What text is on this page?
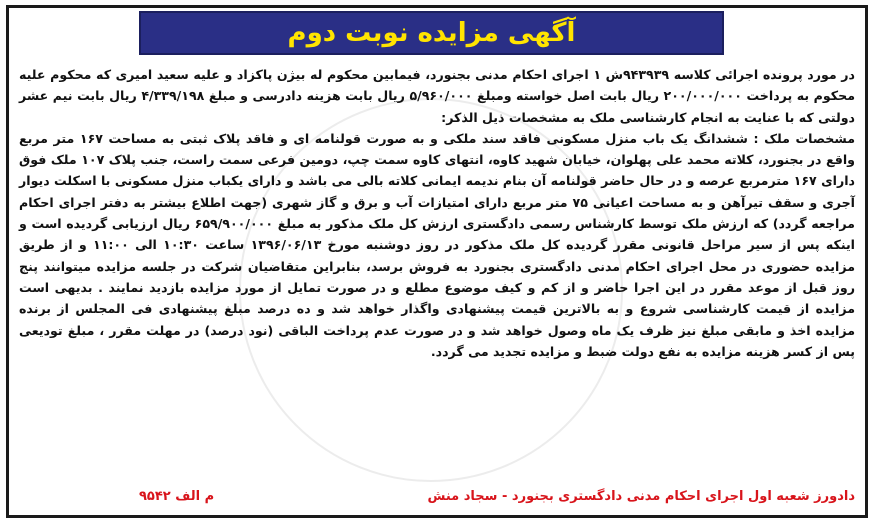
آگهی مزایده نوبت دوم

در مورد پرونده اجرائی کلاسه ۹۴۳۹۳۹ش ۱ اجرای احکام مدنی بجنورد، فیمابین محکوم له بیژن پاکزاد و علیه سعید امیری که محکوم علیه محکوم به پرداخت ۲۰۰/۰۰۰/۰۰۰ ریال بابت اصل خواسته ومبلغ ۵/۹۶۰/۰۰۰ ریال بابت هزینه دادرسی و مبلغ ۴/۳۳۹/۱۹۸ ریال بابت نیم عشر دولتی که با عنایت به انجام کارشناسی ملک به مشخصات ذیل الذکر:

مشخصات ملک : ششدانگ یک باب منزل مسکونی فاقد سند ملکی و به صورت قولنامه ای و فاقد پلاک ثبتی به مساحت ۱۶۷ متر مربع واقع در بجنورد، کلاته محمد علی پهلوان، خیابان شهید کاوه، انتهای کاوه سمت چپ، دومین فرعی سمت راست، جنب پلاک ۱۰۷ ملک فوق دارای ۱۶۷ مترمربع عرصه و در حال حاضر قولنامه آن بنام ندیمه ایمانی کلاته بالی می باشد و دارای یکباب منزل مسکونی با اسکلت دیوار آجری و سقف تیرآهن و به مساحت اعیانی ۷۵ متر مربع دارای امتیازات آب و برق و گاز شهری (جهت اطلاع بیشتر به دفتر اجرای احکام مراجعه گردد) که ارزش ملک توسط کارشناس رسمی دادگستری ارزش کل ملک مذکور به مبلغ ۶۵۹/۹۰۰/۰۰۰ ریال ارزیابی گردیده است و اینکه پس از سیر مراحل قانونی مقرر گردیده کل ملک مذکور در روز دوشنبه مورخ ۱۳۹۶/۰۶/۱۳ ساعت ۱۰:۳۰ الی ۱۱:۰۰ و از طریق مزایده حضوری در محل اجرای احکام مدنی دادگستری بجنورد به فروش برسد، بنابراین متقاضیان شرکت در جلسه مزایده میتوانند پنج روز قبل از موعد مقرر در این اجرا حاضر و از کم و کیف موضوع مطلع و در صورت تمایل از مورد مزایده بازدید نمایند . بدیهی است مزایده از قیمت کارشناسی شروع و به بالاترین قیمت پیشنهادی واگذار خواهد شد و ده درصد مبلغ پیشنهادی فی المجلس از برنده مزایده اخذ و مابقی مبلغ نیز ظرف یک ماه وصول خواهد شد و در صورت عدم پرداخت الباقی (نود درصد) در مهلت مقرر ، مبلغ تودیعی پس از کسر هزینه مزایده به نفع دولت ضبط و مزایده تجدید می گردد.

دادورز شعبه اول اجرای احکام مدنی دادگستری بجنورد - سجاد منش
م الف ۹۵۴۲
